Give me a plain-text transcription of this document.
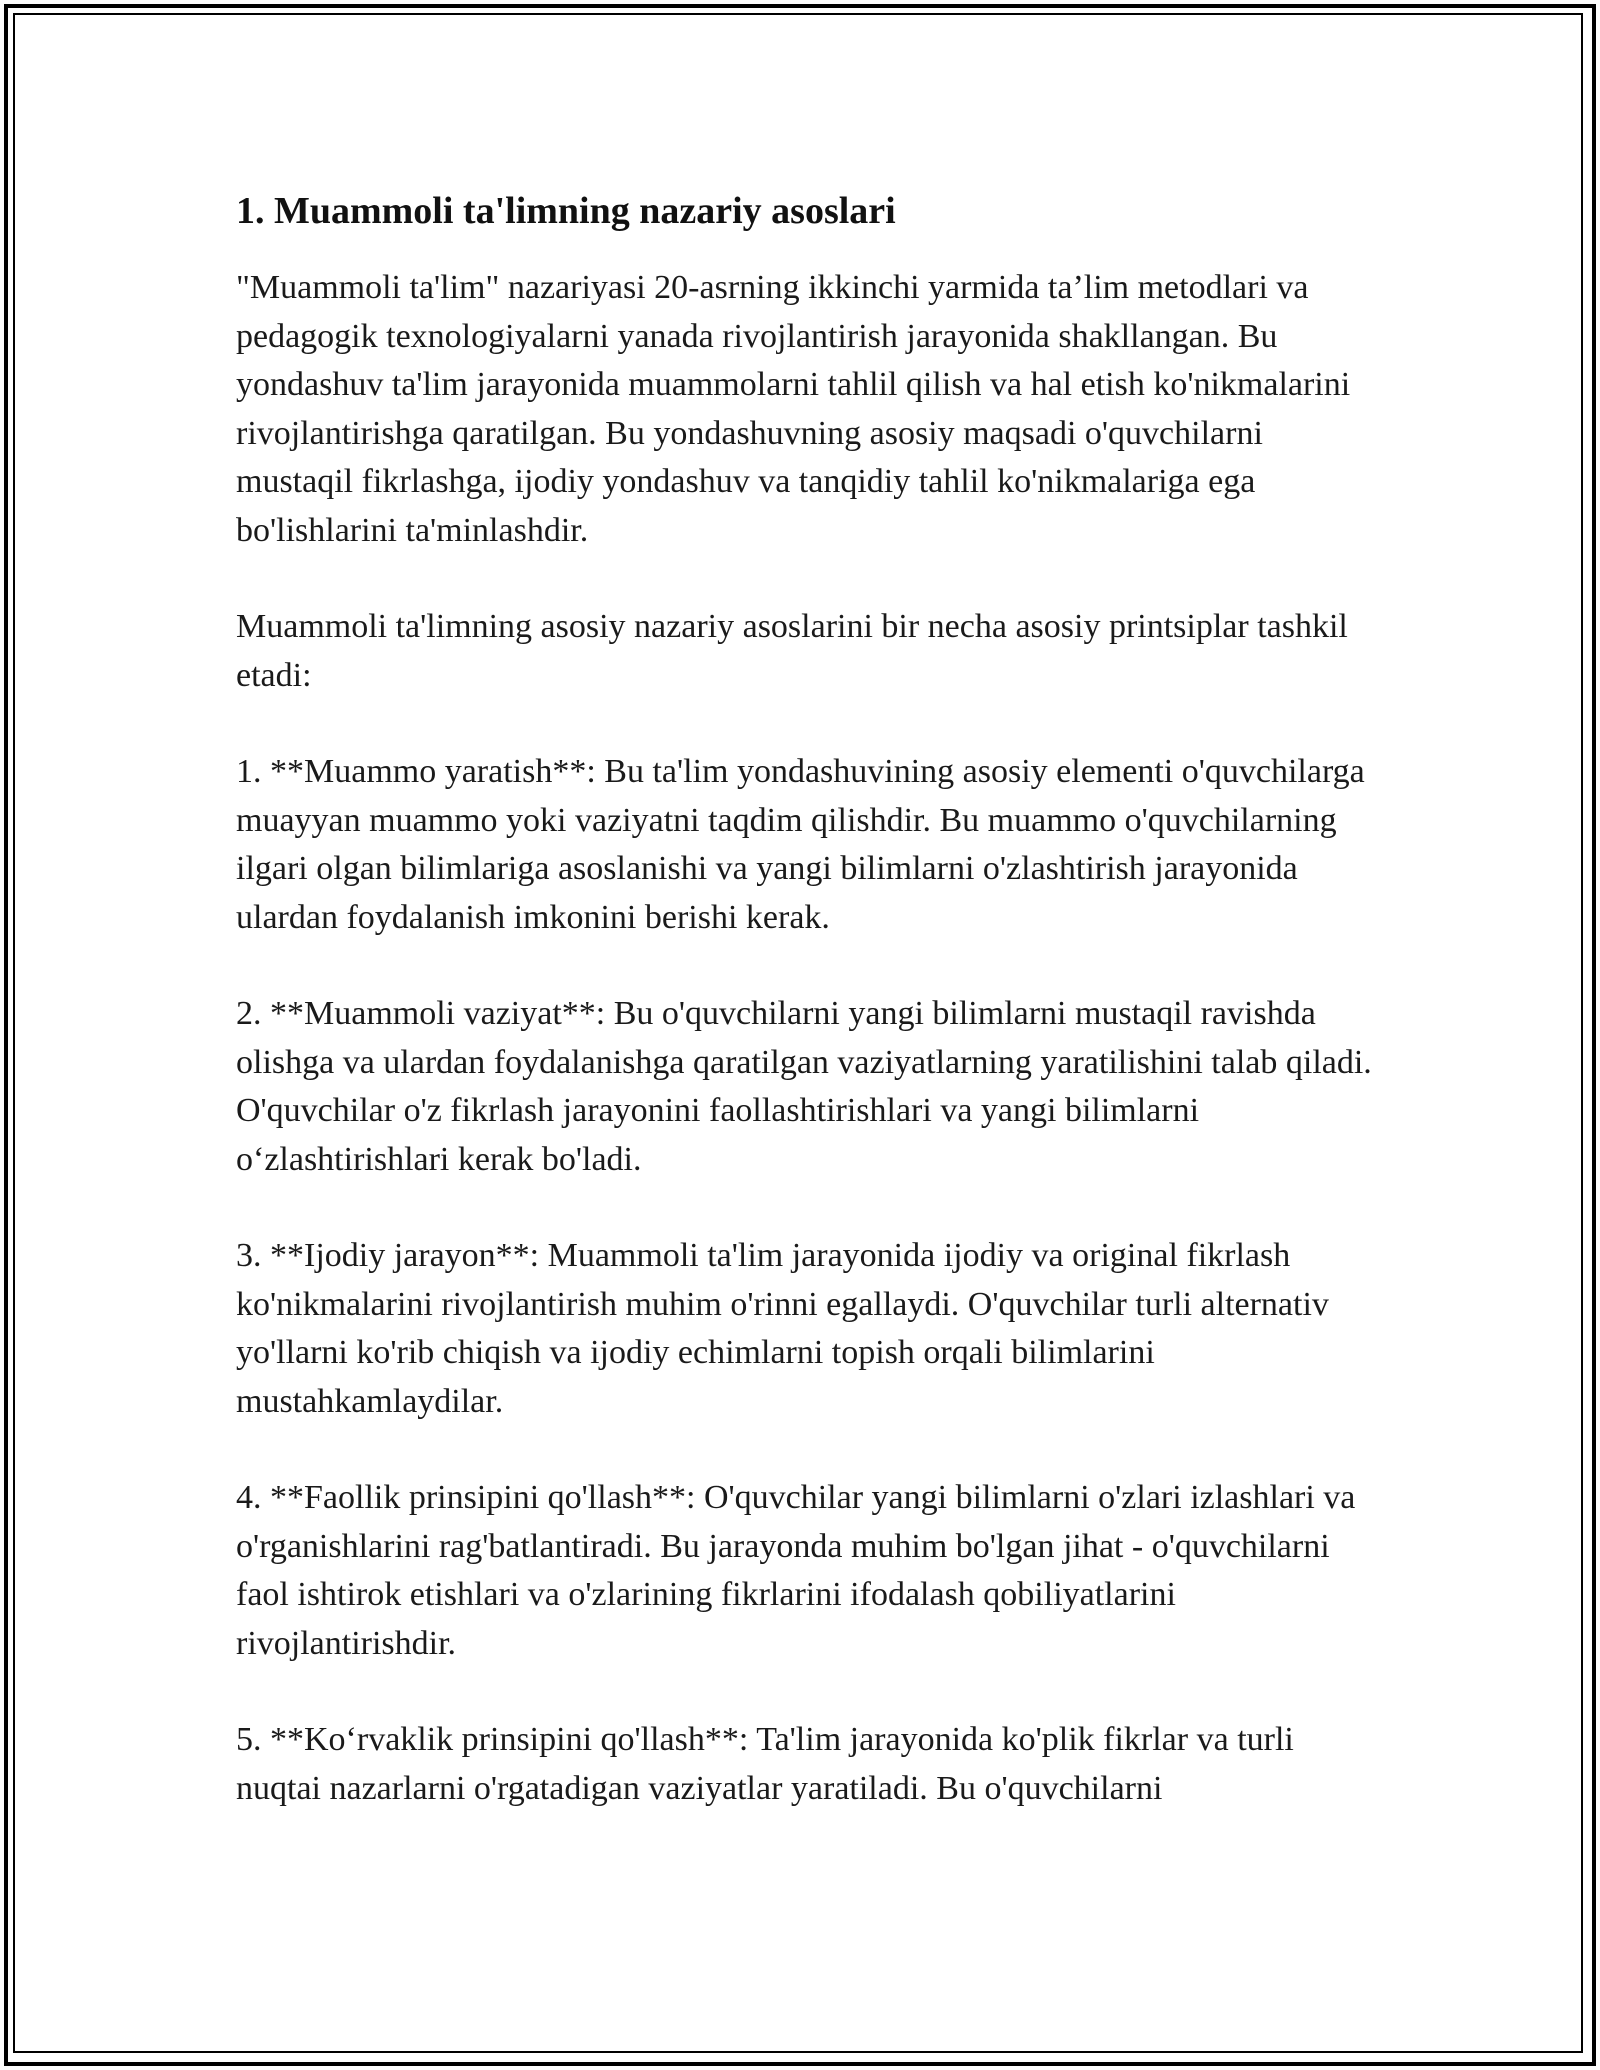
1. Muammoli ta'limning nazariy asoslari

"Muammoli ta'lim" nazariyasi 20-asrning ikkinchi yarmida ta’lim metodlari va pedagogik texnologiyalarni yanada rivojlantirish jarayonida shakllangan. Bu yondashuv ta'lim jarayonida muammolarni tahlil qilish va hal etish ko'nikmalarini rivojlantirishga qaratilgan. Bu yondashuvning asosiy maqsadi o'quvchilarni mustaqil fikrlashga, ijodiy yondashuv va tanqidiy tahlil ko'nikmalariga ega bo'lishlarini ta'minlashdir.

Muammoli ta'limning asosiy nazariy asoslarini bir necha asosiy printsiplar tashkil etadi:

1. **Muammo yaratish**: Bu ta'lim yondashuvining asosiy elementi o'quvchilarga muayyan muammo yoki vaziyatni taqdim qilishdir. Bu muammo o'quvchilarning ilgari olgan bilimlariga asoslanishi va yangi bilimlarni o'zlashtirish jarayonida ulardan foydalanish imkonini berishi kerak.

2. **Muammoli vaziyat**: Bu o'quvchilarni yangi bilimlarni mustaqil ravishda olishga va ulardan foydalanishga qaratilgan vaziyatlarning yaratilishini talab qiladi. O'quvchilar o'z fikrlash jarayonini faollashtirishlari va yangi bilimlarni o‘zlashtirishlari kerak bo'ladi.

3. **Ijodiy jarayon**: Muammoli ta'lim jarayonida ijodiy va original fikrlash ko'nikmalarini rivojlantirish muhim o'rinni egallaydi. O'quvchilar turli alternativ yo'llarni ko'rib chiqish va ijodiy echimlarni topish orqali bilimlarini mustahkamlaydilar.

4. **Faollik prinsipini qo'llash**: O'quvchilar yangi bilimlarni o'zlari izlashlari va o'rganishlarini rag'batlantiradi. Bu jarayonda muhim bo'lgan jihat - o'quvchilarni faol ishtirok etishlari va o'zlarining fikrlarini ifodalash qobiliyatlarini rivojlantirishdir.

5. **Ko‘rvaklik prinsipini qo'llash**: Ta'lim jarayonida ko'plik fikrlar va turli nuqtai nazarlarni o'rgatadigan vaziyatlar yaratiladi. Bu o'quvchilarni
